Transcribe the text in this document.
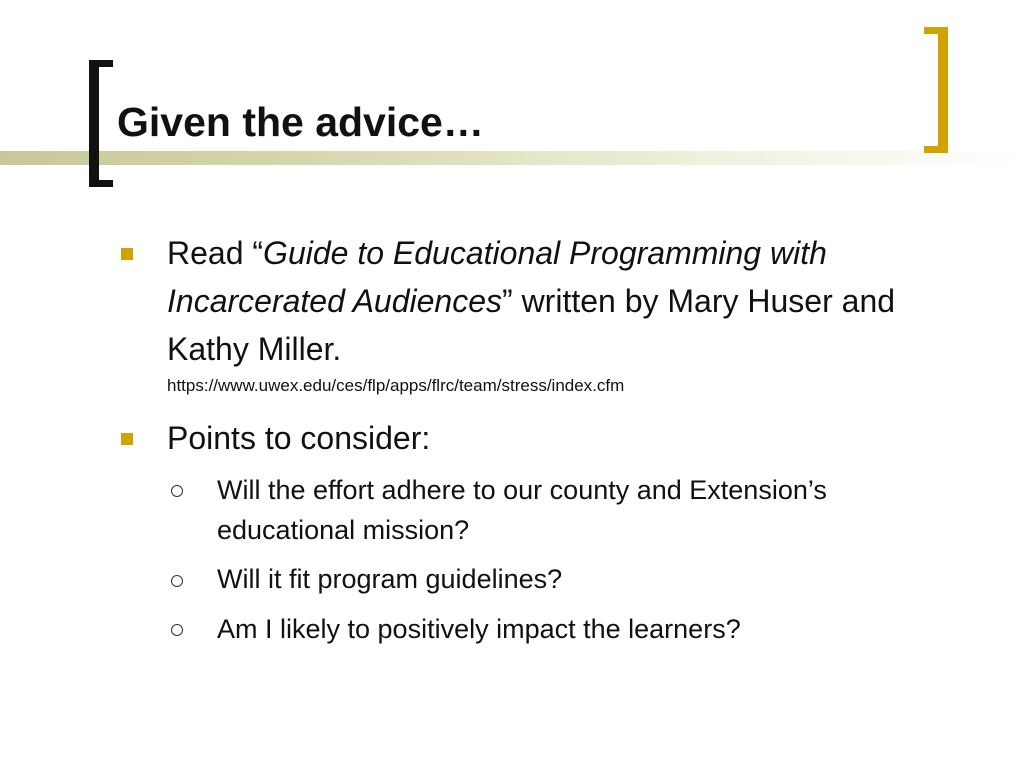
Given the advice…

Read “Guide to Educational Programming with Incarcerated Audiences” written by Mary Huser and Kathy Miller.

https://www.uwex.edu/ces/flp/apps/flrc/team/stress/index.cfm

Points to consider:

Will the effort adhere to our county and Extension’s educational mission?

Will it fit program guidelines?

Am I likely to positively impact the learners?
